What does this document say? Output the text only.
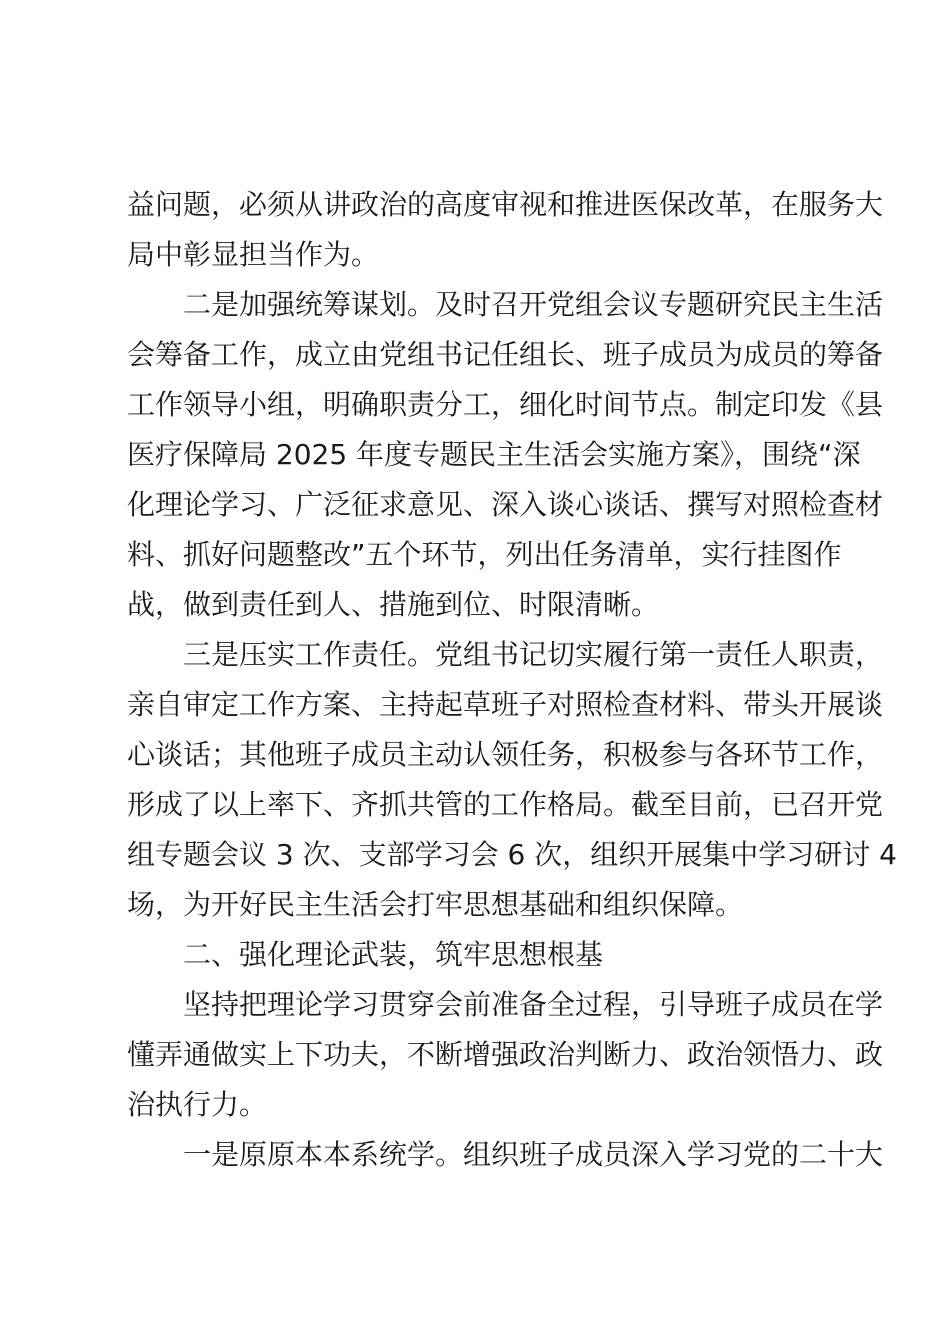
益问题，必须从讲政治的高度审视和推进医保改革，在服务大
局中彰显担当作为。
二是加强统筹谋划。及时召开党组会议专题研究民主生活
会筹备工作，成立由党组书记任组长、班子成员为成员的筹备
工作领导小组，明确职责分工，细化时间节点。制定印发《县
医疗保障局 2025 年度专题民主生活会实施方案》，围绕“深
化理论学习、广泛征求意见、深入谈心谈话、撰写对照检查材
料、抓好问题整改”五个环节，列出任务清单，实行挂图作
战，做到责任到人、措施到位、时限清晰。
三是压实工作责任。党组书记切实履行第一责任人职责，
亲自审定工作方案、主持起草班子对照检查材料、带头开展谈
心谈话；其他班子成员主动认领任务，积极参与各环节工作，
形成了以上率下、齐抓共管的工作格局。截至目前，已召开党
组专题会议 3 次、支部学习会 6 次，组织开展集中学习研讨 4
场，为开好民主生活会打牢思想基础和组织保障。
二、强化理论武装，筑牢思想根基
坚持把理论学习贯穿会前准备全过程，引导班子成员在学
懂弄通做实上下功夫，不断增强政治判断力、政治领悟力、政
治执行力。
一是原原本本系统学。组织班子成员深入学习党的二十大
